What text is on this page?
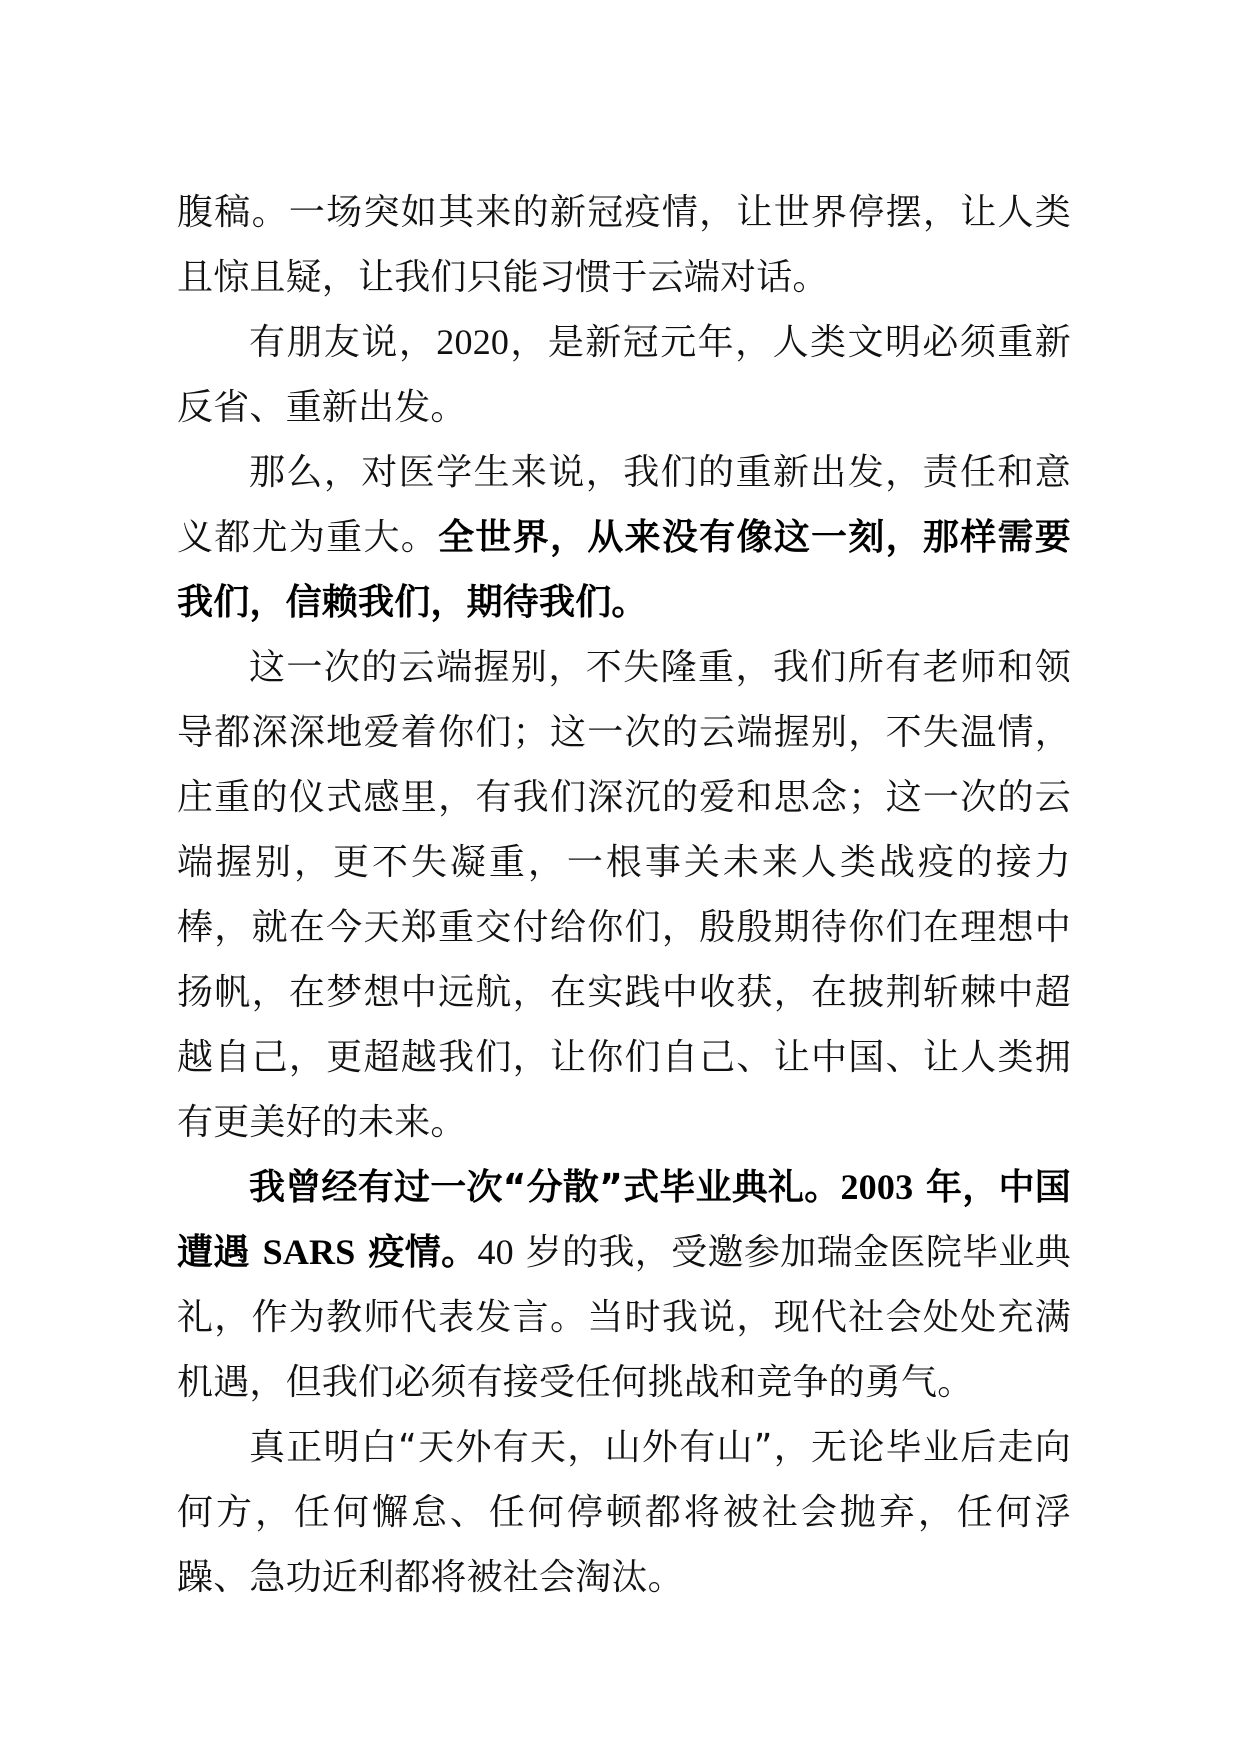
腹稿。一场突如其来的新冠疫情，让世界停摆，让人类且惊且疑，让我们只能习惯于云端对话。

有朋友说，2020，是新冠元年，人类文明必须重新反省、重新出发。

那么，对医学生来说，我们的重新出发，责任和意义都尤为重大。全世界，从来没有像这一刻，那样需要我们，信赖我们，期待我们。

这一次的云端握别，不失隆重，我们所有老师和领导都深深地爱着你们；这一次的云端握别，不失温情，庄重的仪式感里，有我们深沉的爱和思念；这一次的云端握别，更不失凝重，一根事关未来人类战疫的接力棒，就在今天郑重交付给你们，殷殷期待你们在理想中扬帆，在梦想中远航，在实践中收获，在披荆斩棘中超越自己，更超越我们，让你们自己、让中国、让人类拥有更美好的未来。

我曾经有过一次“分散”式毕业典礼。2003 年，中国遭遇 SARS 疫情。40 岁的我，受邀参加瑞金医院毕业典礼，作为教师代表发言。当时我说，现代社会处处充满机遇，但我们必须有接受任何挑战和竞争的勇气。

真正明白“天外有天，山外有山”，无论毕业后走向何方，任何懈怠、任何停顿都将被社会抛弃，任何浮躁、急功近利都将被社会淘汰。
